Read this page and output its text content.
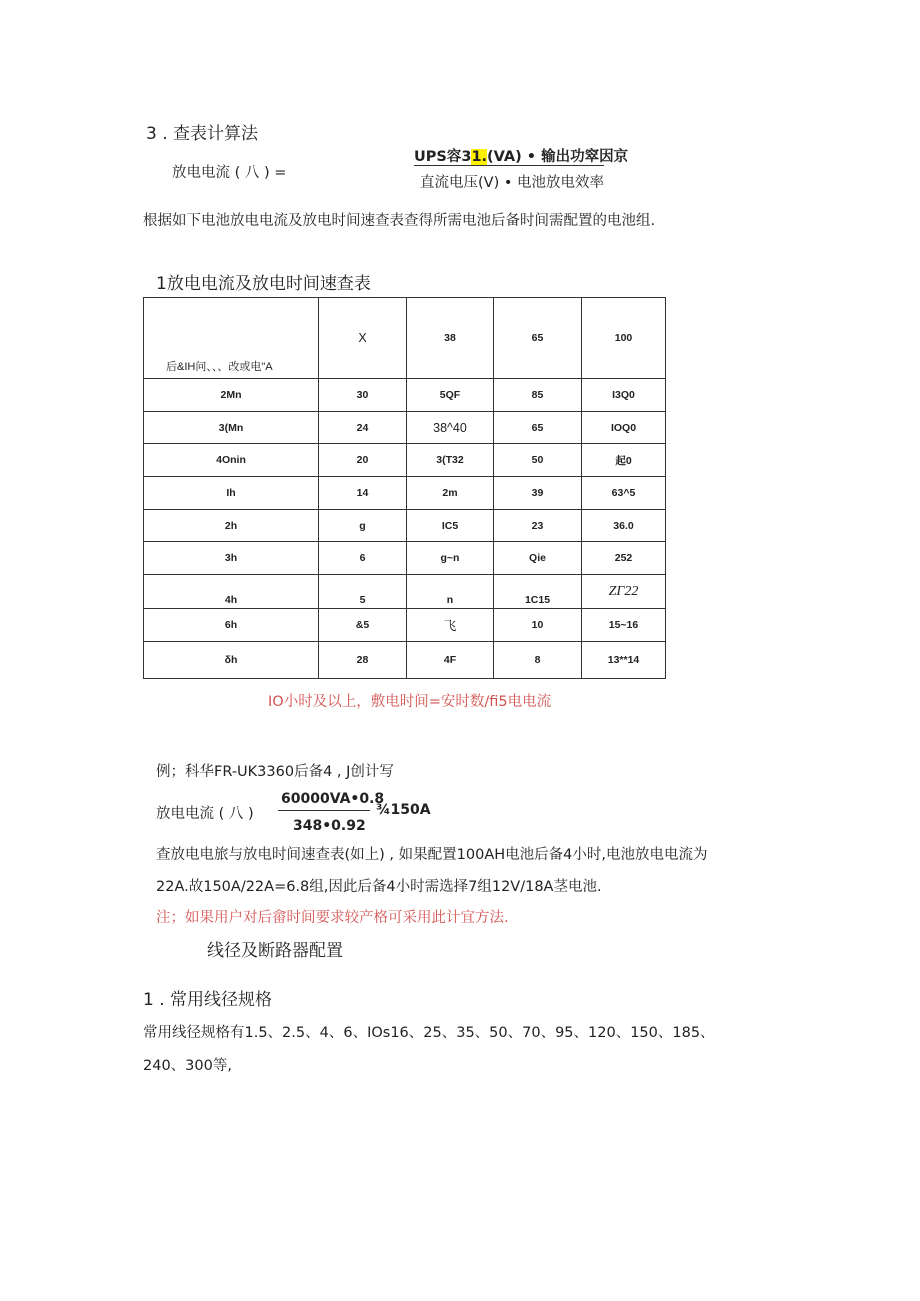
3 . 查表计算法
放电电流 ( 八 ) =
UPS容31.(VA) • 输出功窣因京
直流电压(V) • 电池放电效率
根据如下电池放电电流及放电时间速查表查得所需电池后备时间需配置的电池组.
1放电电流及放电时间速查表
后&IH问、、、改或电"A	X	38	65	100
2Mn	30	5QF	85	I3Q0
3(Mn	24	38^40	65	IOQ0
4Onin	20	3(T32	50	起0
Ih	14	2m	39	63^5
2h	g	IC5	23	36.0
3h	6	g~n	Qie	252
4h	5	n	1C15	ZΓ22
6h	&5	飞	10	15~16
δh	28	4F	8	13**14
IO小时及以上，敷电时间=安时数/fi5电电流
例；科华FR-UK3360后备4 , J创计写
放电电流 ( 八 )
60000VA•0.8
348•0.92
¾150A
查放电电旅与放电时间速查表(如上) , 如果配置100AH电池后备4小时,电池放电电流为
22A.故150A/22A=6.8组,因此后备4小时需选择7组12V/18A茎电池.
注；如果用户对后畲时间要求较产格可采用此计宜方法.
线径及断路器配置
1 . 常用线径规格
常用线径规格有1.5、2.5、4、6、IOs16、25、35、50、70、95、120、150、185、
240、300等,
